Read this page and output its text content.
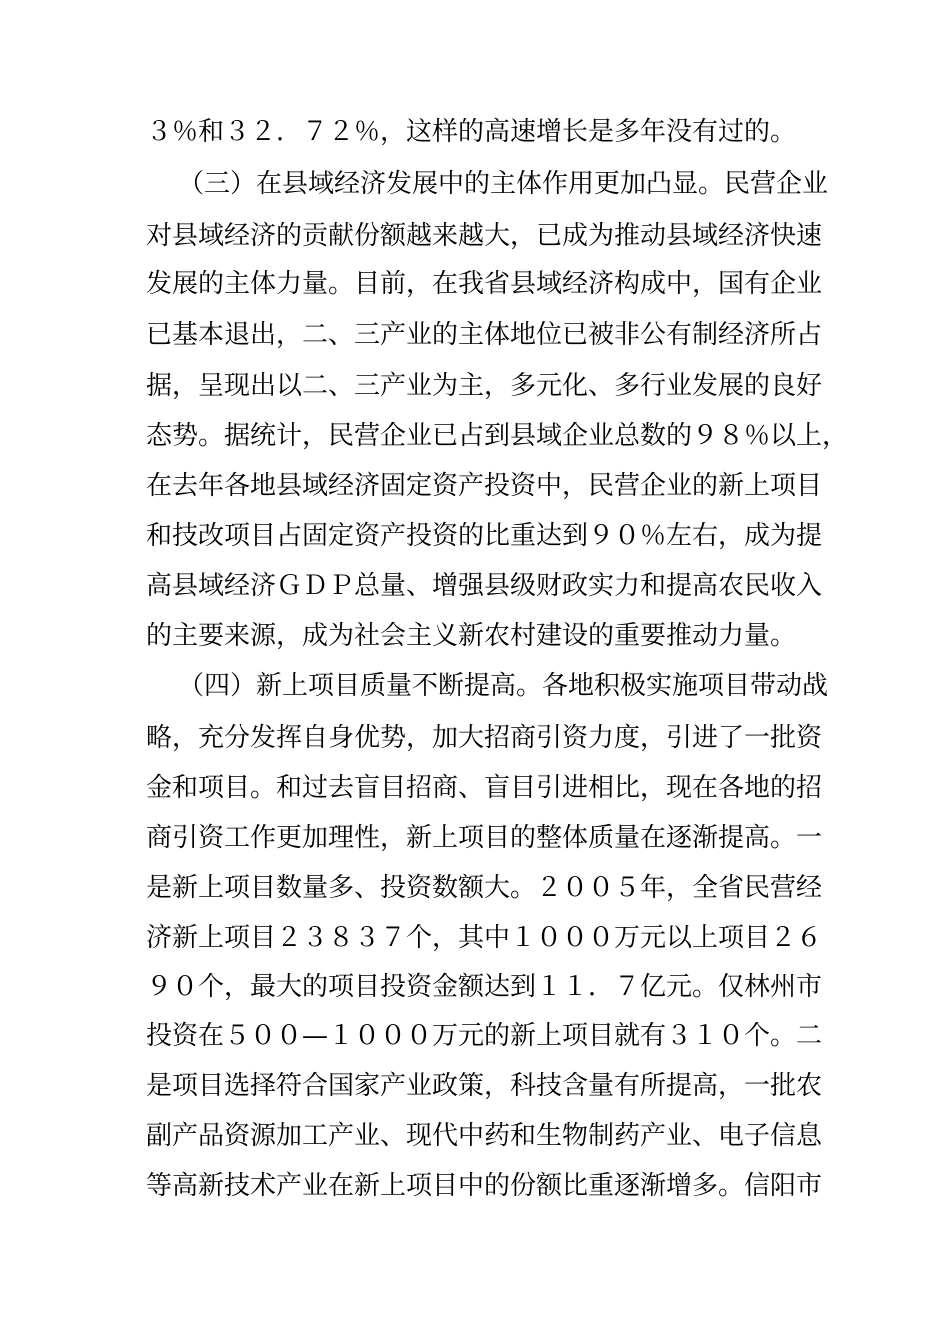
３％和３２．７２％，这样的高速增长是多年没有过的。
（三）在县域经济发展中的主体作用更加凸显。民营企业
对县域经济的贡献份额越来越大，已成为推动县域经济快速
发展的主体力量。目前，在我省县域经济构成中，国有企业
已基本退出，二、三产业的主体地位已被非公有制经济所占
据，呈现出以二、三产业为主，多元化、多行业发展的良好
态势。据统计，民营企业已占到县域企业总数的９８％以上，
在去年各地县域经济固定资产投资中，民营企业的新上项目
和技改项目占固定资产投资的比重达到９０％左右，成为提
高县域经济ＧＤＰ总量、增强县级财政实力和提高农民收入
的主要来源，成为社会主义新农村建设的重要推动力量。
（四）新上项目质量不断提高。各地积极实施项目带动战
略，充分发挥自身优势，加大招商引资力度，引进了一批资
金和项目。和过去盲目招商、盲目引进相比，现在各地的招
商引资工作更加理性，新上项目的整体质量在逐渐提高。一
是新上项目数量多、投资数额大。２００５年，全省民营经
济新上项目２３８３７个，其中１０００万元以上项目２６
９０个，最大的项目投资金额达到１１．７亿元。仅林州市
投资在５００—１０００万元的新上项目就有３１０个。二
是项目选择符合国家产业政策，科技含量有所提高，一批农
副产品资源加工产业、现代中药和生物制药产业、电子信息
等高新技术产业在新上项目中的份额比重逐渐增多。信阳市
